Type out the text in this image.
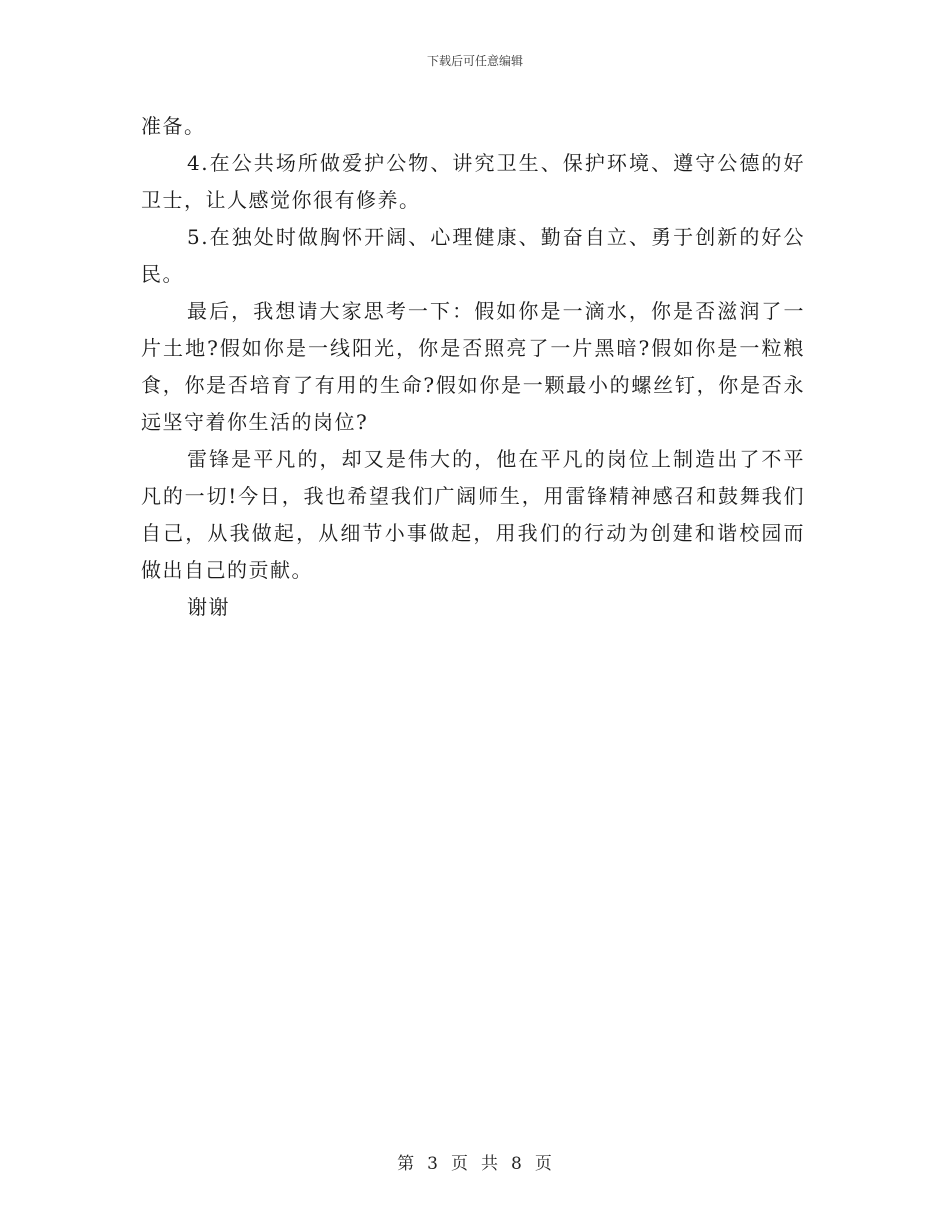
下载后可任意编辑

准备。

4.在公共场所做爱护公物、讲究卫生、保护环境、遵守公德的好卫士，让人感觉你很有修养。

5.在独处时做胸怀开阔、心理健康、勤奋自立、勇于创新的好公民。

最后，我想请大家思考一下：假如你是一滴水，你是否滋润了一片土地?假如你是一线阳光，你是否照亮了一片黑暗?假如你是一粒粮食，你是否培育了有用的生命?假如你是一颗最小的螺丝钉，你是否永远坚守着你生活的岗位?

雷锋是平凡的，却又是伟大的，他在平凡的岗位上制造出了不平凡的一切!今日，我也希望我们广阔师生，用雷锋精神感召和鼓舞我们自己，从我做起，从细节小事做起，用我们的行动为创建和谐校园而做出自己的贡献。

谢谢

第 3 页 共 8 页
